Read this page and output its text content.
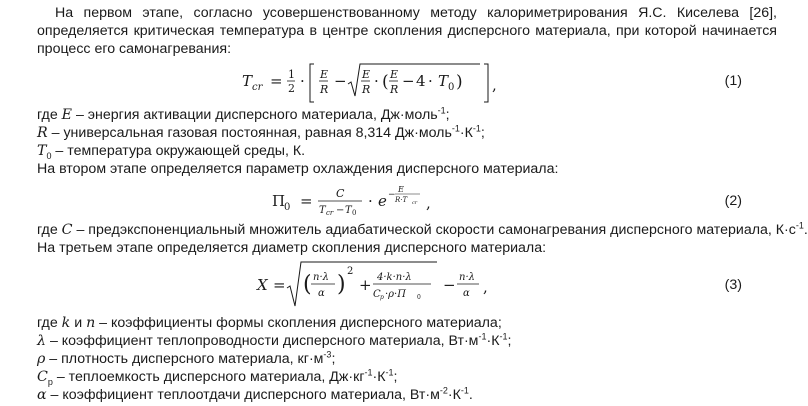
На первом этапе, согласно усовершенствованному методу калориметрирования Я.С. Киселева [26], определяется критическая температура в центре скопления дисперсного материала, при которой начинается процесс его самонагревания:
T cr = 1
2 · E
R − E
R · ( E
R − 4 · T 0 ) ,	(1)
где E – энергия активации дисперсного материала, Дж·моль$^{-1}$;
R – универсальная газовая постоянная, равная 8,314 $Дж\cdot моль^{-1}\cdot К^{-1}$;
$T_0$ – температура окружающей среды, К.
На втором этапе определяется параметр охлаждения дисперсного материала:
Π
0 = C
T cr − T 0
· e −
E
R·T cr ,	(2)
где C – предэкспоненциальный множитель адиабатической скорости самонагревания дисперсного материала, $К\cdot с^{-1}$.
На третьем этапе определяется диаметр скопления дисперсного материала:
X = ( n·λ
α )
2
+ 4·k·n·λ
C p ·ρ·Π 0
− n·λ
α ,	(3)
где k и n – коэффициенты формы скопления дисперсного материала;
λ – коэффициент теплопроводности дисперсного материала, $Вт\cdot м^{-1}\cdot К^{-1}$;
ρ – плотность дисперсного материала, $кг\cdot м^{-3}$;
$C_p$ – теплоемкость дисперсного материала, $Дж\cdot кг^{-1}\cdot К^{-1}$;
α – коэффициент теплоотдачи дисперсного материала, $Вт\cdot м^{-2}\cdot К^{-1}$.
